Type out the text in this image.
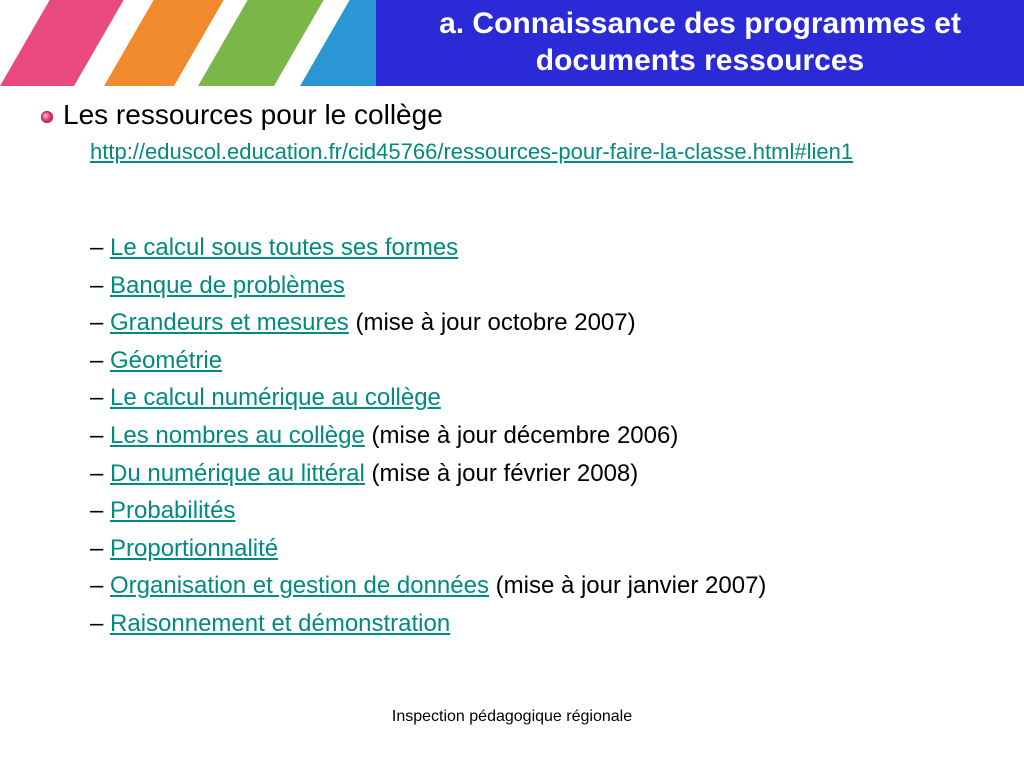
a. Connaissance des programmes et
documents ressources
Les ressources pour le collège
http://eduscol.education.fr/cid45766/ressources-pour-faire-la-classe.html#lien1
– Le calcul sous toutes ses formes
– Banque de problèmes
– Grandeurs et mesures (mise à jour octobre 2007)
– Géométrie
– Le calcul numérique au collège
– Les nombres au collège (mise à jour décembre 2006)
– Du numérique au littéral (mise à jour février 2008)
– Probabilités
– Proportionnalité
– Organisation et gestion de données (mise à jour janvier 2007)
– Raisonnement et démonstration
Inspection pédagogique régionale
